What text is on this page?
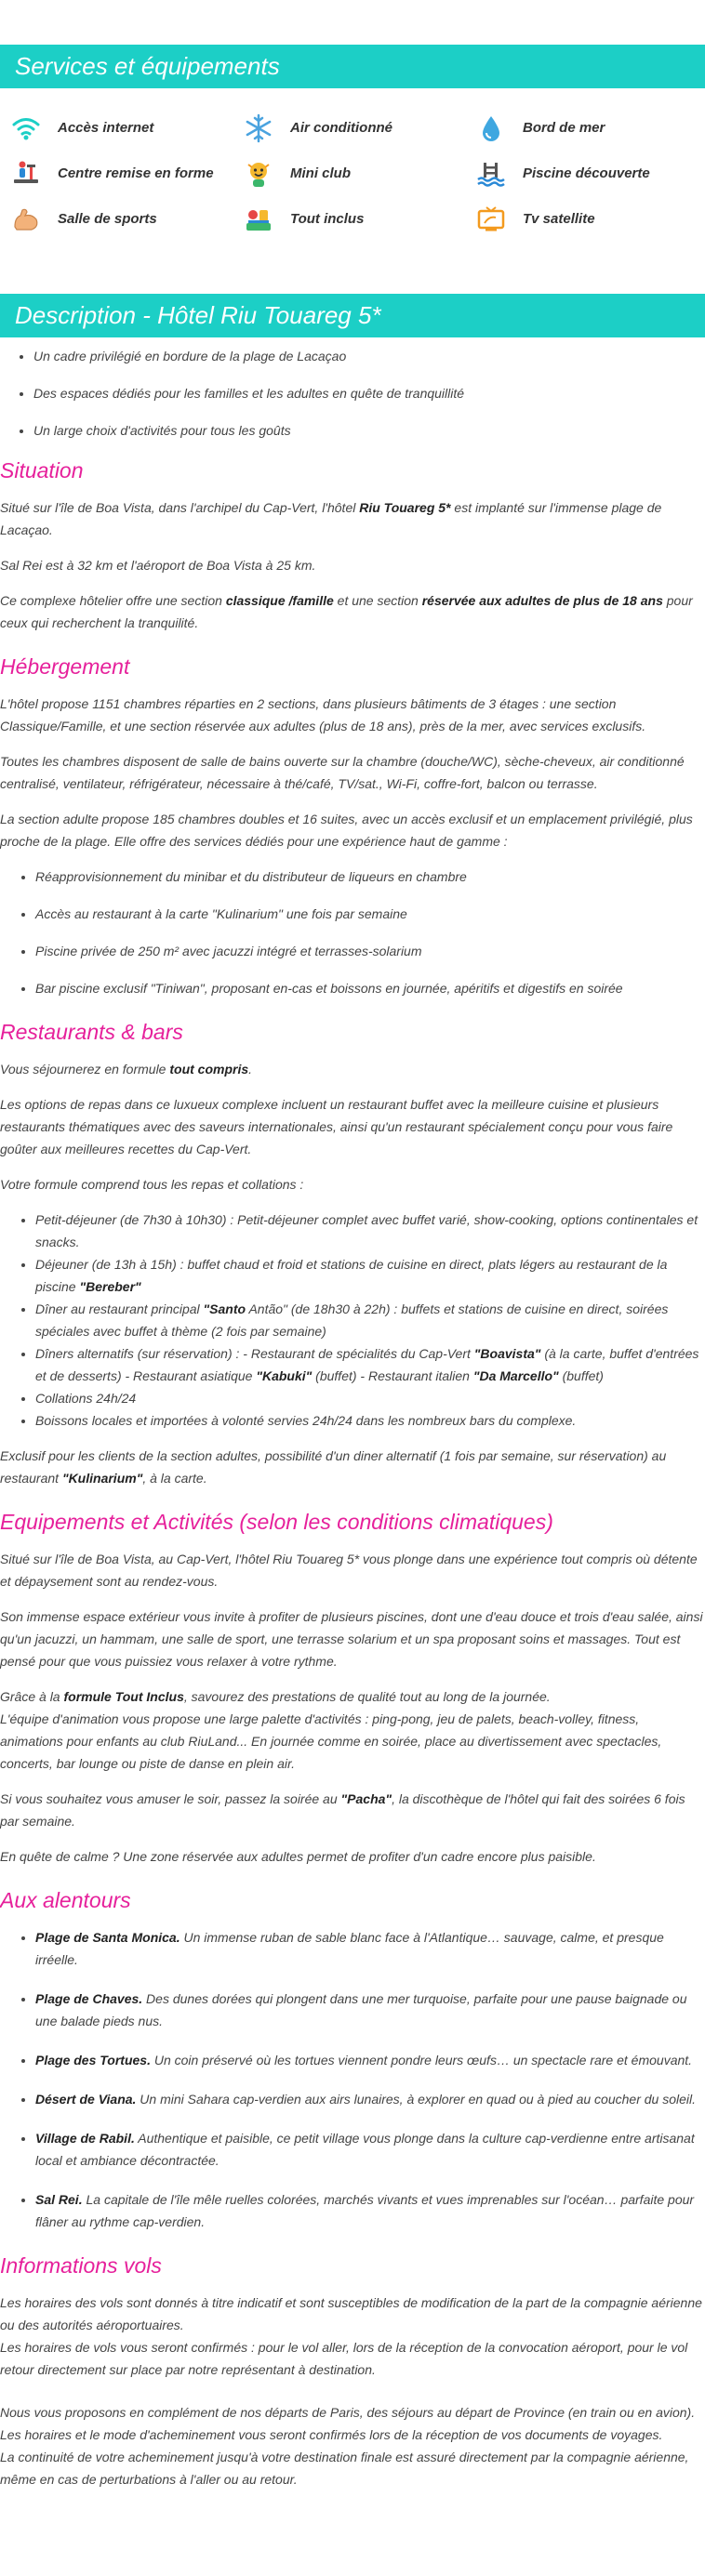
Services et équipements
Accès internet	Air conditionné	Bord de mer
Centre remise en forme	Mini club	Piscine découverte
Salle de sports	Tout inclus	Tv satellite
Description - Hôtel Riu Touareg 5*
• Un cadre privilégié en bordure de la plage de Lacaçao
• Des espaces dédiés pour les familles et les adultes en quête de tranquillité
• Un large choix d'activités pour tous les goûts
Situation

Situé sur l'île de Boa Vista, dans l'archipel du Cap-Vert, l'hôtel Riu Touareg 5* est implanté sur l'immense plage de Lacaçao.

Sal Rei est à 32 km et l'aéroport de Boa Vista à 25 km.

Ce complexe hôtelier offre une section classique /famille et une section réservée aux adultes de plus de 18 ans pour ceux qui recherchent la tranquilité.

Hébergement

L'hôtel propose 1151 chambres réparties en 2 sections, dans plusieurs bâtiments de 3 étages : une section Classique/Famille, et une section réservée aux adultes (plus de 18 ans), près de la mer, avec services exclusifs.

Toutes les chambres disposent de salle de bains ouverte sur la chambre (douche/WC), sèche-cheveux, air conditionné centralisé, ventilateur, réfrigérateur, nécessaire à thé/café, TV/sat., Wi-Fi, coffre-fort, balcon ou terrasse.

La section adulte propose 185 chambres doubles et 16 suites, avec un accès exclusif et un emplacement privilégié, plus proche de la plage. Elle offre des services dédiés pour une expérience haut de gamme :

• Réapprovisionnement du minibar et du distributeur de liqueurs en chambre
• Accès au restaurant à la carte "Kulinarium" une fois par semaine
• Piscine privée de 250 m² avec jacuzzi intégré et terrasses-solarium
• Bar piscine exclusif "Tiniwan", proposant en-cas et boissons en journée, apéritifs et digestifs en soirée
Restaurants & bars

Vous séjournerez en formule tout compris.

Les options de repas dans ce luxueux complexe incluent un restaurant buffet avec la meilleure cuisine et plusieurs restaurants thématiques avec des saveurs internationales, ainsi qu'un restaurant spécialement conçu pour vous faire goûter aux meilleures recettes du Cap-Vert.

Votre formule comprend tous les repas et collations :

• Petit-déjeuner (de 7h30 à 10h30) : Petit-déjeuner complet avec buffet varié, show-cooking, options continentales et snacks.
• Déjeuner (de 13h à 15h) : buffet chaud et froid et stations de cuisine en direct, plats légers au restaurant de la piscine "Bereber"
• Dîner au restaurant principal "Santo Antão" (de 18h30 à 22h) : buffets et stations de cuisine en direct, soirées spéciales avec buffet à thème (2 fois par semaine)
• Dîners alternatifs (sur réservation) : - Restaurant de spécialités du Cap-Vert "Boavista" (à la carte, buffet d'entrées et de desserts) - Restaurant asiatique "Kabuki" (buffet) - Restaurant italien "Da Marcello" (buffet)
• Collations 24h/24
• Boissons locales et importées à volonté servies 24h/24 dans les nombreux bars du complexe.

Exclusif pour les clients de la section adultes, possibilité d'un diner alternatif (1 fois par semaine, sur réservation) au restaurant "Kulinarium", à la carte.

Equipements et Activités (selon les conditions climatiques)

Situé sur l'île de Boa Vista, au Cap-Vert, l'hôtel Riu Touareg 5* vous plonge dans une expérience tout compris où détente et dépaysement sont au rendez-vous.

Son immense espace extérieur vous invite à profiter de plusieurs piscines, dont une d'eau douce et trois d'eau salée, ainsi qu'un jacuzzi, un hammam, une salle de sport, une terrasse solarium et un spa proposant soins et massages. Tout est pensé pour que vous puissiez vous relaxer à votre rythme.

Grâce à la formule Tout Inclus, savourez des prestations de qualité tout au long de la journée.
L'équipe d'animation vous propose une large palette d'activités : ping-pong, jeu de palets, beach-volley, fitness, animations pour enfants au club RiuLand... En journée comme en soirée, place au divertissement avec spectacles, concerts, bar lounge ou piste de danse en plein air.

Si vous souhaitez vous amuser le soir, passez la soirée au "Pacha", la discothèque de l'hôtel qui fait des soirées 6 fois par semaine.

En quête de calme ? Une zone réservée aux adultes permet de profiter d'un cadre encore plus paisible.

Aux alentours
• Plage de Santa Monica. Un immense ruban de sable blanc face à l'Atlantique… sauvage, calme, et presque irréelle.
• Plage de Chaves. Des dunes dorées qui plongent dans une mer turquoise, parfaite pour une pause baignade ou une balade pieds nus.
• Plage des Tortues. Un coin préservé où les tortues viennent pondre leurs œufs… un spectacle rare et émouvant.
• Désert de Viana. Un mini Sahara cap-verdien aux airs lunaires, à explorer en quad ou à pied au coucher du soleil.
• Village de Rabil. Authentique et paisible, ce petit village vous plonge dans la culture cap-verdienne entre artisanat local et ambiance décontractée.
• Sal Rei. La capitale de l'île mêle ruelles colorées, marchés vivants et vues imprenables sur l'océan… parfaite pour flâner au rythme cap-verdien.
Informations vols

Les horaires des vols sont donnés à titre indicatif et sont susceptibles de modification de la part de la compagnie aérienne ou des autorités aéroportuaires.
Les horaires de vols vous seront confirmés : pour le vol aller, lors de la réception de la convocation aéroport, pour le vol retour directement sur place par notre représentant à destination.

Nous vous proposons en complément de nos départs de Paris, des séjours au départ de Province (en train ou en avion).
Les horaires et le mode d'acheminement vous seront confirmés lors de la réception de vos documents de voyages.
La continuité de votre acheminement jusqu'à votre destination finale est assuré directement par la compagnie aérienne, même en cas de perturbations à l'aller ou au retour.
